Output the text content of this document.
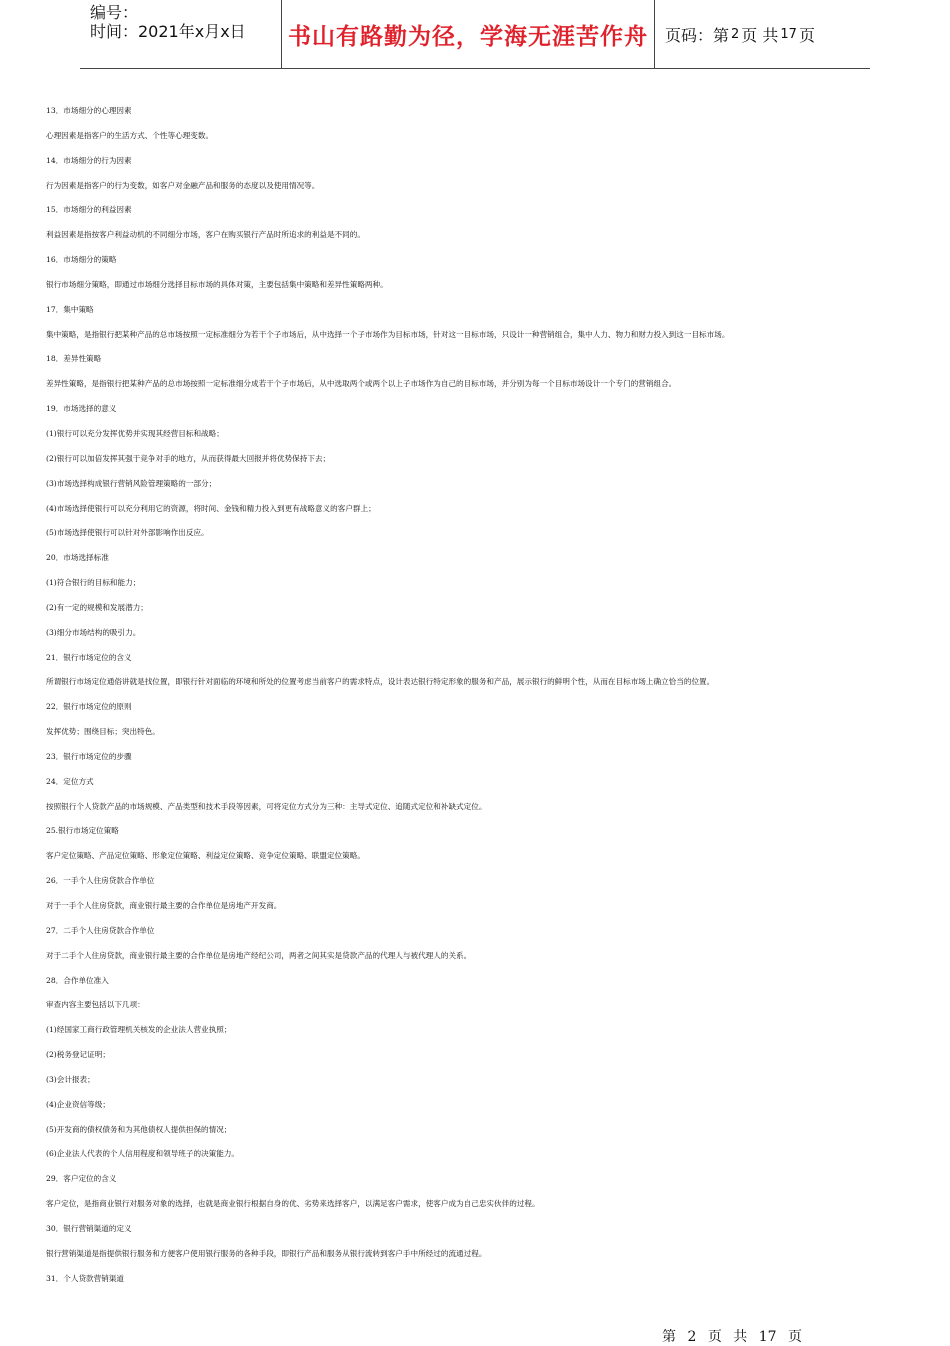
编号：
时间：2021年x月x日	书山有路勤为径，学海无涯苦作舟 页码：第 2 页 共 17 页
13．市场细分的心理因素
心理因素是指客户的生活方式、个性等心理变数。
14．市场细分的行为因素
行为因素是指客户的行为变数，如客户对金融产品和服务的态度以及使用情况等。
15．市场细分的利益因素
利益因素是指按客户利益动机的不同细分市场，客户在购买银行产品时所追求的利益是不同的。
16．市场细分的策略
银行市场细分策略，即通过市场细分选择目标市场的具体对策，主要包括集中策略和差异性策略两种。
17．集中策略
集中策略，是指银行把某种产品的总市场按照一定标准细分为若干个子市场后，从中选择一个子市场作为目标市场，针对这一目标市场，只设计一种营销组合，集中人力、物力和财力投入到这一目标市场。
18．差异性策略
差异性策略，是指银行把某种产品的总市场按照一定标准细分成若干个子市场后，从中选取两个或两个以上子市场作为自己的目标市场，并分别为每一个目标市场设计一个专门的营销组合。
19．市场选择的意义
(1)银行可以充分发挥优势并实现其经营目标和战略；
(2)银行可以加倍发挥其强于竞争对手的地方，从而获得最大回报并将优势保持下去；
(3)市场选择构成银行营销风险管理策略的一部分；
(4)市场选择使银行可以充分利用它的资源，将时间、金钱和精力投入到更有战略意义的客户群上；
(5)市场选择使银行可以针对外部影响作出反应。
20．市场选择标准
(1)符合银行的目标和能力；
(2)有一定的规模和发展潜力；
(3)细分市场结构的吸引力。
21．银行市场定位的含义
所谓银行市场定位通俗讲就是找位置，即银行针对面临的环境和所处的位置考虑当前客户的需求特点，设计表达银行特定形象的服务和产品，展示银行的鲜明个性，从而在目标市场上确立恰当的位置。
22．银行市场定位的原则
发挥优势；围绕目标；突出特色。
23．银行市场定位的步骤
24．定位方式
按照银行个人贷款产品的市场规模、产品类型和技术手段等因素，可将定位方式分为三种：主导式定位、追随式定位和补缺式定位。
25.银行市场定位策略
客户定位策略、产品定位策略、形象定位策略、利益定位策略、竞争定位策略、联盟定位策略。
26．一手个人住房贷款合作单位
对于一手个人住房贷款，商业银行最主要的合作单位是房地产开发商。
27．二手个人住房贷款合作单位
对于二手个人住房贷款，商业银行最主要的合作单位是房地产经纪公司，两者之间其实是贷款产品的代理人与被代理人的关系。
28．合作单位准入
审查内容主要包括以下几项：
(1)经国家工商行政管理机关核发的企业法人营业执照；
(2)税务登记证明；
(3)会计报表；
(4)企业资信等级；
(5)开发商的债权债务和为其他债权人提供担保的情况；
(6)企业法人代表的个人信用程度和领导班子的决策能力。
29．客户定位的含义
客户定位，是指商业银行对服务对象的选择，也就是商业银行根据自身的优、劣势来选择客户，以满足客户需求，使客户成为自己忠实伙伴的过程。
30．银行营销渠道的定义
银行营销渠道是指提供银行服务和方便客户使用银行服务的各种手段，即银行产品和服务从银行流转到客户手中所经过的流通过程。
31．个人贷款营销渠道
第 2 页 共 17 页
